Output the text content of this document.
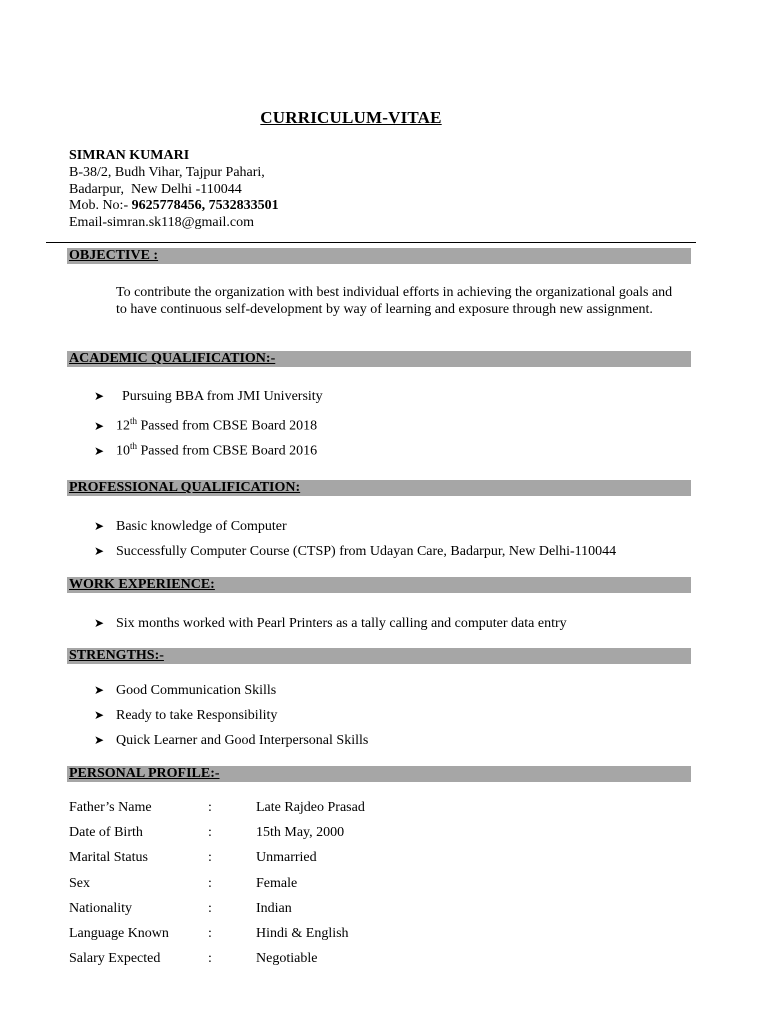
CURRICULUM-VITAE
SIMRAN KUMARI
B-38/2, Budh Vihar, Tajpur Pahari,
Badarpur,  New Delhi -110044
Mob. No:- 9625778456, 7532833501
Email-simran.sk118@gmail.com
OBJECTIVE :
To contribute the organization with best individual efforts in achieving the organizational goals and to have continuous self-development by way of learning and exposure through new assignment.
ACADEMIC QUALIFICATION:-
➤ Pursuing BBA from JMI University
➤ 12th Passed from CBSE Board 2018
➤ 10th Passed from CBSE Board 2016
PROFESSIONAL QUALIFICATION:
➤ Basic knowledge of Computer
➤ Successfully Computer Course (CTSP) from Udayan Care, Badarpur, New Delhi-110044
WORK EXPERIENCE:
➤ Six months worked with Pearl Printers as a tally calling and computer data entry
STRENGTHS:-
➤ Good Communication Skills
➤ Ready to take Responsibility
➤ Quick Learner and Good Interpersonal Skills
PERSONAL PROFILE:-
Father’s Name	:	Late Rajdeo Prasad
Date of Birth	:	15th May, 2000
Marital Status	:	Unmarried
Sex	:	Female
Nationality	:	Indian
Language Known	:	Hindi & English
Salary Expected	:	Negotiable
